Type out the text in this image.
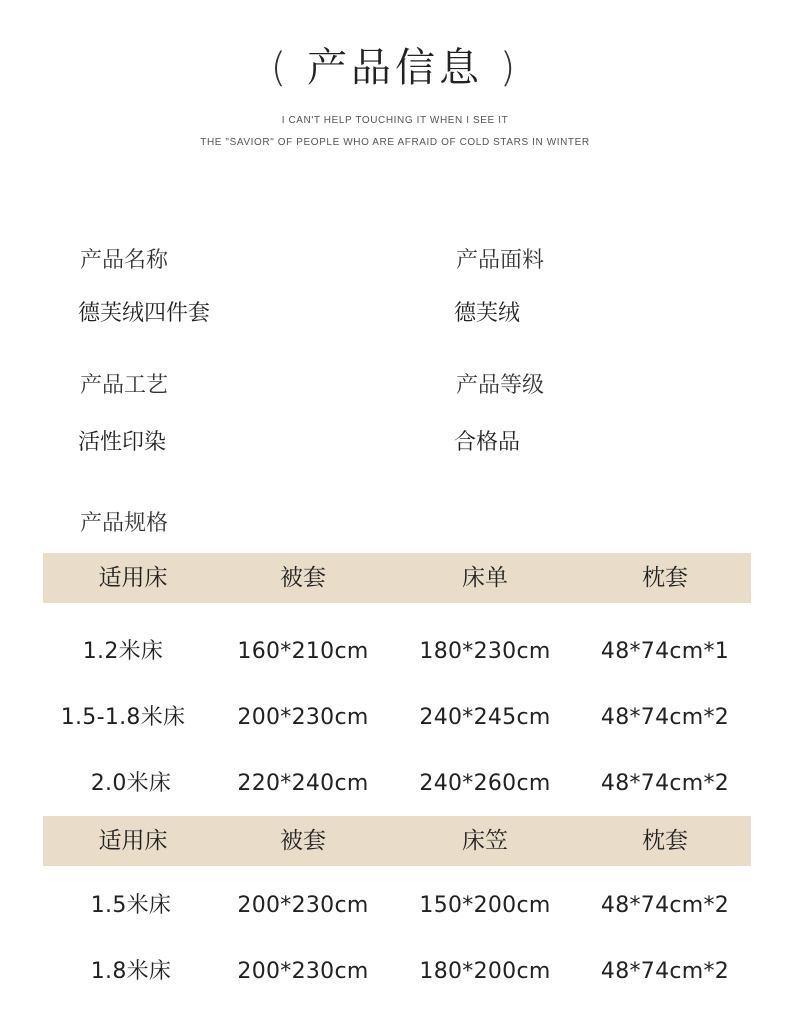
( 产品信息 )
I CAN'T HELP TOUCHING IT WHEN I SEE IT
THE "SAVIOR" OF PEOPLE WHO ARE AFRAID OF COLD STARS IN WINTER
产品名称
德芙绒四件套
产品面料
德芙绒
产品工艺
活性印染
产品等级
合格品
产品规格
适用床	被套	床单	枕套
1.2米床	160*210cm	180*230cm	48*74cm*1
1.5-1.8米床	200*230cm	240*245cm	48*74cm*2
2.0米床	220*240cm	240*260cm	48*74cm*2
适用床	被套	床笠	枕套
1.5米床	200*230cm	150*200cm	48*74cm*2
1.8米床	200*230cm	180*200cm	48*74cm*2
